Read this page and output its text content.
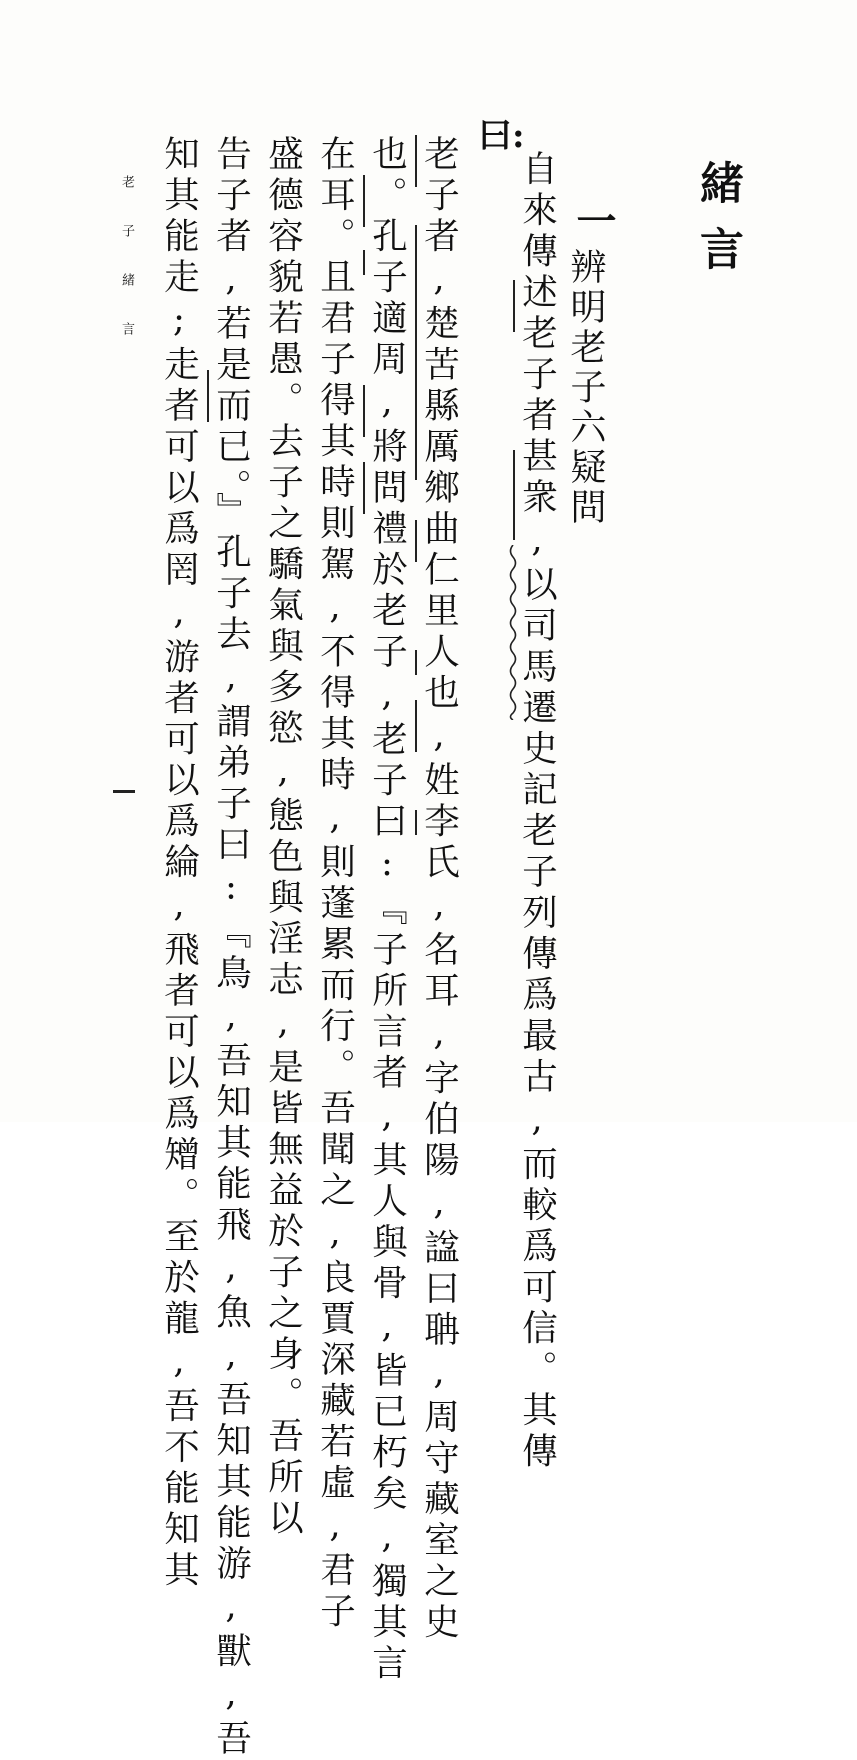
緒言
一
辨明老子六疑問
曰:
自來傳述老子者甚衆,以司馬遷史記老子列傳爲最古,而較爲可信。其傳
老子者,楚苦縣厲鄉曲仁里人也,姓李氏,名耳,字伯陽,諡曰聃,周守藏室之史
也。孔子適周,將問禮於老子,老子曰:『子所言者,其人與骨,皆已朽矣,獨其言
在耳。且君子得其時則駕,不得其時,則蓬累而行。吾聞之,良賈深藏若虛,君子
盛德容貌若愚。去子之驕氣與多慾,態色與淫志,是皆無益於子之身。吾所以
告子者,若是而已。』孔子去,謂弟子曰:『鳥,吾知其能飛,魚,吾知其能游,獸,吾
知其能走;走者可以爲罔,游者可以爲綸,飛者可以爲矰。至於龍,吾不能知其
老子緒言
